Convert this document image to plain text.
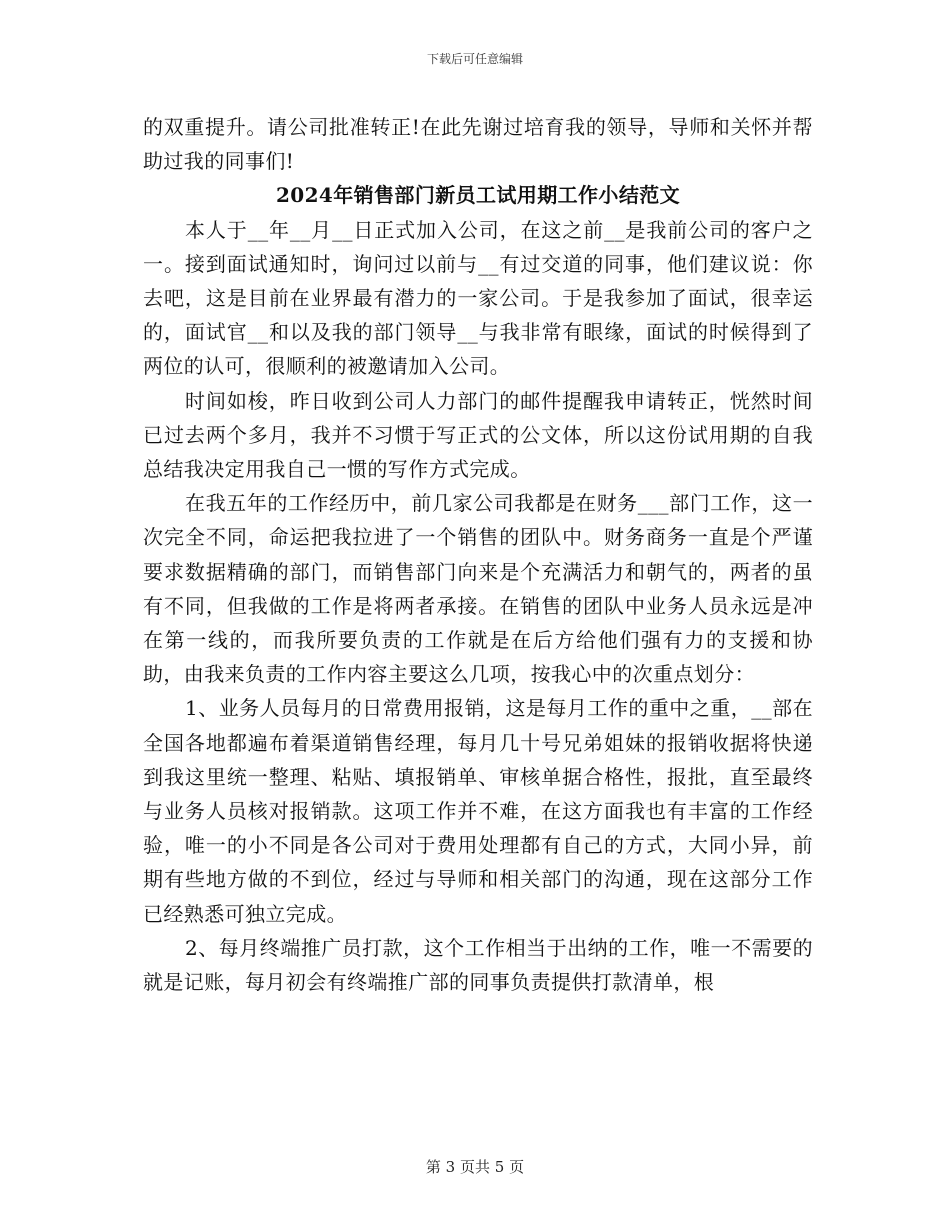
下载后可任意编辑

的双重提升。请公司批准转正!在此先谢过培育我的领导，导师和关怀并帮助过我的同事们!

2024年销售部门新员工试用期工作小结范文

本人于__年__月__日正式加入公司，在这之前__是我前公司的客户之一。接到面试通知时，询问过以前与__有过交道的同事，他们建议说：你去吧，这是目前在业界最有潜力的一家公司。于是我参加了面试，很幸运的，面试官__和以及我的部门领导__与我非常有眼缘，面试的时候得到了两位的认可，很顺利的被邀请加入公司。

时间如梭，昨日收到公司人力部门的邮件提醒我申请转正，恍然时间已过去两个多月，我并不习惯于写正式的公文体，所以这份试用期的自我总结我决定用我自己一惯的写作方式完成。

在我五年的工作经历中，前几家公司我都是在财务___部门工作，这一次完全不同，命运把我拉进了一个销售的团队中。财务商务一直是个严谨要求数据精确的部门，而销售部门向来是个充满活力和朝气的，两者的虽有不同，但我做的工作是将两者承接。在销售的团队中业务人员永远是冲在第一线的，而我所要负责的工作就是在后方给他们强有力的支援和协助，由我来负责的工作内容主要这么几项，按我心中的次重点划分：

1、业务人员每月的日常费用报销，这是每月工作的重中之重，__部在全国各地都遍布着渠道销售经理，每月几十号兄弟姐妹的报销收据将快递到我这里统一整理、粘贴、填报销单、审核单据合格性，报批，直至最终与业务人员核对报销款。这项工作并不难，在这方面我也有丰富的工作经验，唯一的小不同是各公司对于费用处理都有自己的方式，大同小异，前期有些地方做的不到位，经过与导师和相关部门的沟通，现在这部分工作已经熟悉可独立完成。

2、每月终端推广员打款，这个工作相当于出纳的工作，唯一不需要的就是记账，每月初会有终端推广部的同事负责提供打款清单，根

第 3 页共 5 页
